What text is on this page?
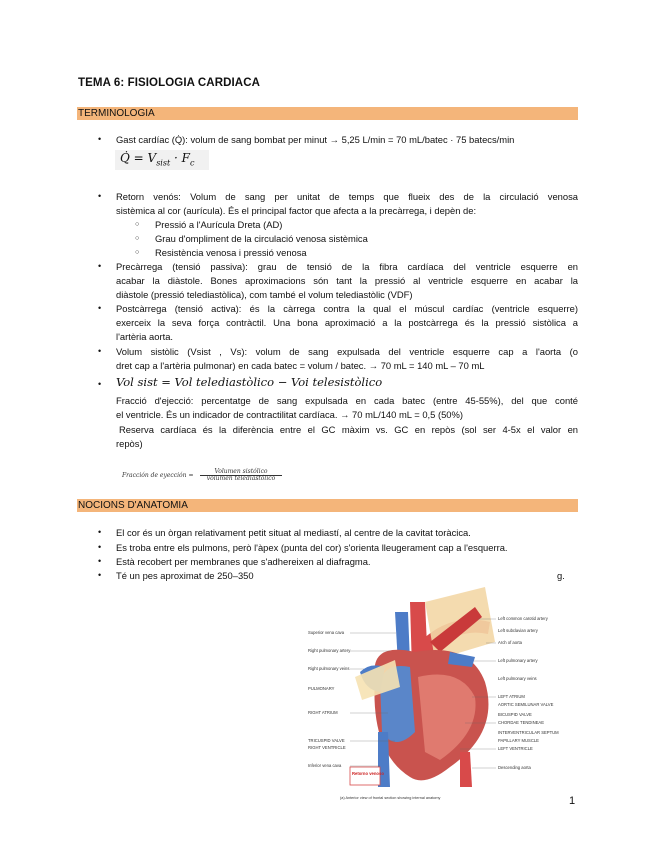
TEMA 6: FISIOLOGIA CARDIACA
TERMINOLOGIA
• Gast cardíac (Q̇): volum de sang bombat per minut → 5,25 L/min = 70 mL/batec · 75 batecs/min
Q̇ = $V_{sist} \cdot F_c$
• Retorn venós: Volum de sang per unitat de temps que flueix des de la circulació venosa
sistèmica al cor (aurícula). És el principal factor que afecta a la precàrrega, i depèn de:
○ Pressió a l'Aurícula Dreta (AD)
○ Grau d'ompliment de la circulació venosa sistèmica
○ Resistència venosa i pressió venosa
• Precàrrega (tensió passiva): grau de tensió de la fibra cardíaca del ventricle esquerre en
acabar la diàstole. Bones aproximacions són tant la pressió al ventricle esquerre en acabar la
diàstole (pressió telediastòlica), com també el volum telediastòlic (VDF)
• Postcàrrega (tensió activa): és la càrrega contra la qual el múscul cardíac (ventricle esquerre)
exerceix la seva força contràctil. Una bona aproximació a la postcàrrega és la pressió sistòlica a
l'artèria aorta.
• Volum sistòlic (Vsist , Vs): volum de sang expulsada del ventricle esquerre cap a l'aorta (o
dret cap a l'artèria pulmonar) en cada batec = volum / batec. → 70 mL = 140 mL – 70 mL
• Vol sist = Vol telediastòlico − Voi telesistòlico
Fracció d'ejecció: percentatge de sang expulsada en cada batec (entre 45-55%), del que conté
el ventricle. És un indicador de contractilitat cardíaca. → 70 mL/140 mL = 0,5 (50%)
Reserva cardíaca és la diferència entre el GC màxim vs. GC en repòs (sol ser 4-5x el valor en
repòs)
Fracción de eyección =
Volumen sistólico
volumen telediastólico
NOCIONS D'ANATOMIA
• El cor és un òrgan relativament petit situat al mediastí, al centre de la cavitat toràcica.
• Es troba entre els pulmons, però l'àpex (punta del cor) s'orienta lleugerament cap a l'esquerra.
• Està recobert per membranes que s'adhereixen al diafragma.
• Té un pes aproximat de 250–350	g.
Retorno venoso
Superior vena cava
Right pulmonary artery
Right pulmonary veins
PULMONARY
RIGHT ATRIUM
TRICUSPID VALVE
RIGHT VENTRICLE
Inferior vena cava
Left common carotid artery
Left subclavian artery
Arch of aorta
Left pulmonary artery
Left pulmonary veins
LEFT ATRIUM
AORTIC SEMILUNAR VALVE
BICUSPID VALVE
CHORDAE TENDINEAE
INTERVENTRICULAR SEPTUM
PAPILLARY MUSCLE
LEFT VENTRICLE
Descending aorta
(a) Anterior view of frontal section showing internal anatomy	1
